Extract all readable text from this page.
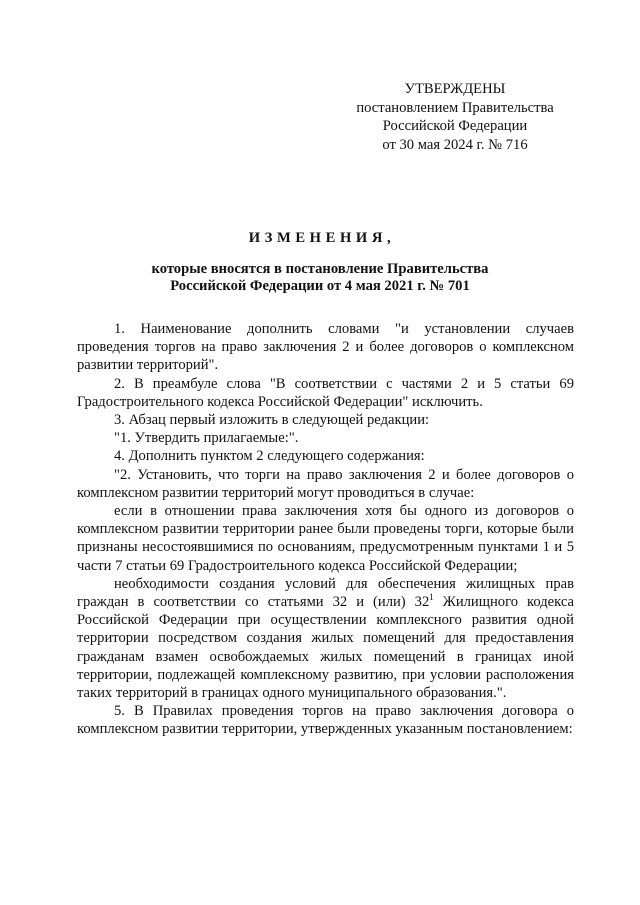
УТВЕРЖДЕНЫ
постановлением Правительства
Российской Федерации
от 30 мая 2024 г. № 716
ИЗМЕНЕНИЯ,
которые вносятся в постановление Правительства
Российской Федерации от 4 мая 2021 г. № 701

1. Наименование дополнить словами "и установлении случаев проведения торгов на право заключения 2 и более договоров о комплексном развитии территорий".

2. В преамбуле слова "В соответствии с частями 2 и 5 статьи 69 Градостроительного кодекса Российской Федерации" исключить.

3. Абзац первый изложить в следующей редакции:

"1. Утвердить прилагаемые:".

4. Дополнить пунктом 2 следующего содержания:

"2. Установить, что торги на право заключения 2 и более договоров о комплексном развитии территорий могут проводиться в случае:

если в отношении права заключения хотя бы одного из договоров о комплексном развитии территории ранее были проведены торги, которые были признаны несостоявшимися по основаниям, предусмотренным пунктами 1 и 5 части 7 статьи 69 Градостроительного кодекса Российской Федерации;

необходимости создания условий для обеспечения жилищных прав граждан в соответствии со статьями 32 и (или) $32^1$ Жилищного кодекса Российской Федерации при осуществлении комплексного развития одной территории посредством создания жилых помещений для предоставления гражданам взамен освобождаемых жилых помещений в границах иной территории, подлежащей комплексному развитию, при условии расположения таких территорий в границах одного муниципального образования.".

5. В Правилах проведения торгов на право заключения договора о комплексном развитии территории, утвержденных указанным постановлением:
